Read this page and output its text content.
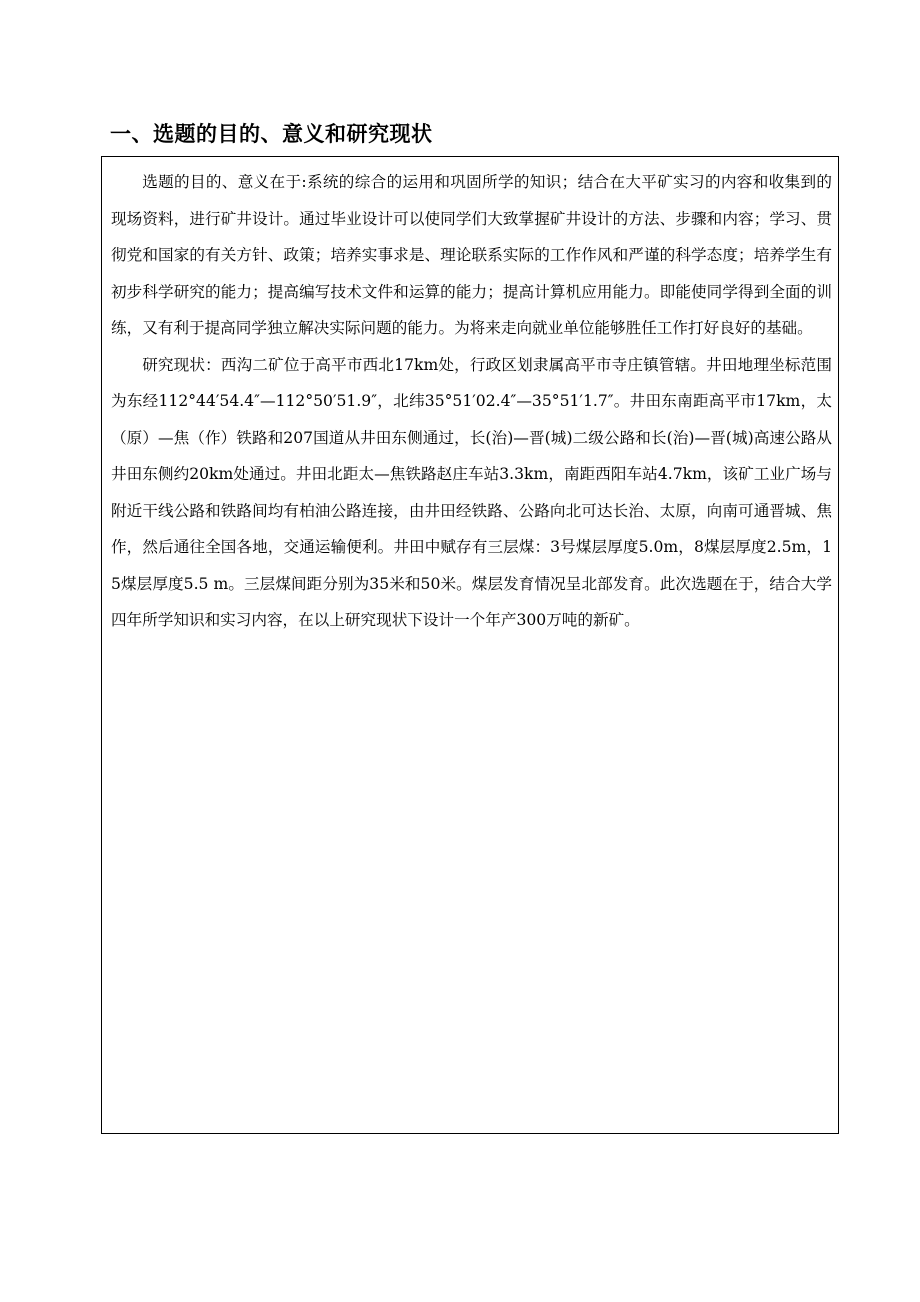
一、选题的目的、意义和研究现状

选题的目的、意义在于:系统的综合的运用和巩固所学的知识；结合在大平矿实习的内容和收集到的现场资料，进行矿井设计。通过毕业设计可以使同学们大致掌握矿井设计的方法、步骤和内容；学习、贯彻党和国家的有关方针、政策；培养实事求是、理论联系实际的工作作风和严谨的科学态度；培养学生有初步科学研究的能力；提高编写技术文件和运算的能力；提高计算机应用能力。即能使同学得到全面的训练，又有利于提高同学独立解决实际问题的能力。为将来走向就业单位能够胜任工作打好良好的基础。

研究现状：西沟二矿位于高平市西北17km处，行政区划隶属高平市寺庄镇管辖。井田地理坐标范围为东经112°44′54.4″—112°50′51.9″，北纬35°51′02.4″—35°51′1.7″。井田东南距高平市17km，太（原）—焦（作）铁路和207国道从井田东侧通过，长(治)—晋(城)二级公路和长(治)—晋(城)高速公路从井田东侧约20km处通过。井田北距太—焦铁路赵庄车站3.3km，南距西阳车站4.7km，该矿工业广场与附近干线公路和铁路间均有柏油公路连接，由井田经铁路、公路向北可达长治、太原，向南可通晋城、焦作，然后通往全国各地，交通运输便利。井田中赋存有三层煤：3号煤层厚度5.0m，8煤层厚度2.5m，15煤层厚度5.5 m。三层煤间距分别为35米和50米。煤层发育情况呈北部发育。此次选题在于，结合大学四年所学知识和实习内容，在以上研究现状下设计一个年产300万吨的新矿。
